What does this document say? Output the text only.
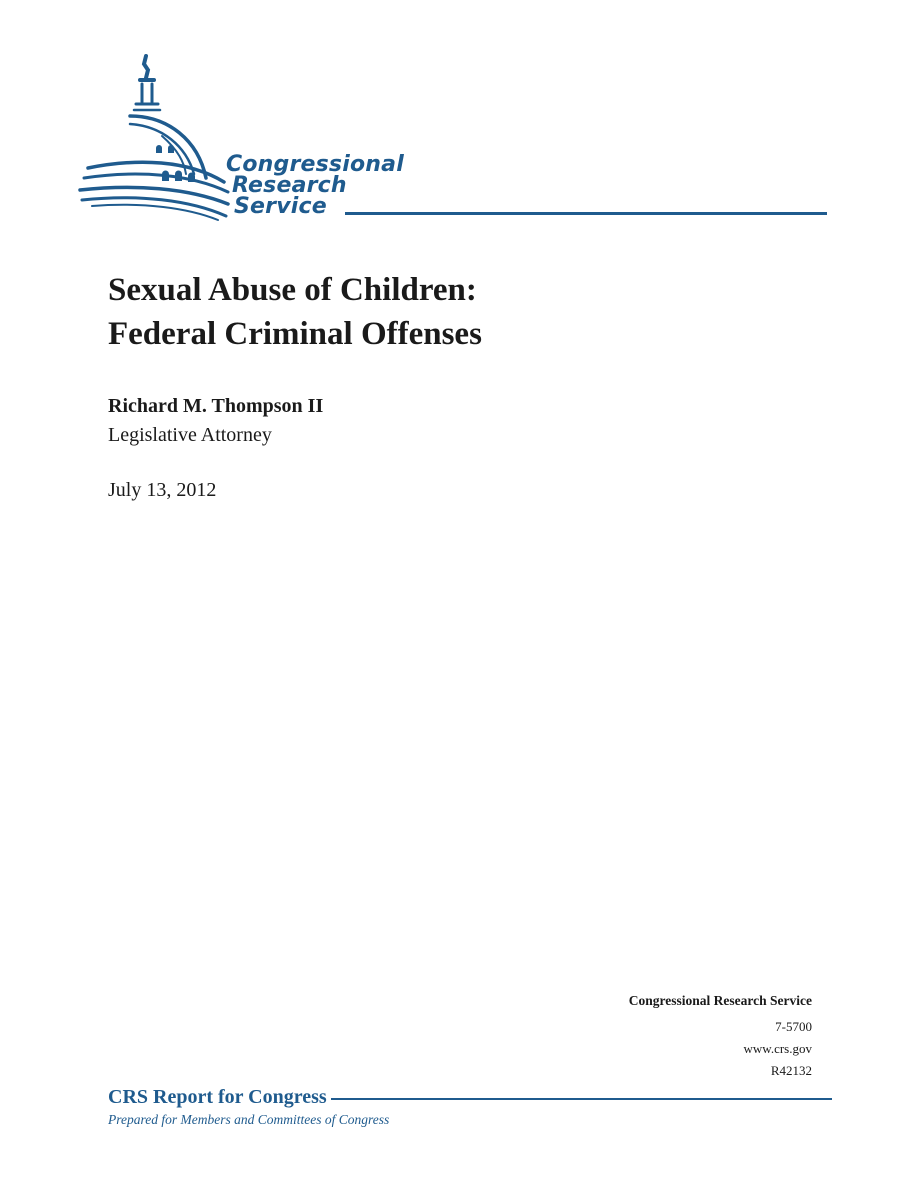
Congressional
Research
Service
Sexual Abuse of Children:
Federal Criminal Offenses
Richard M. Thompson II
Legislative Attorney
July 13, 2012
Congressional Research Service
7-5700
www.crs.gov
R42132
CRS Report for Congress
Prepared for Members and Committees of Congress
